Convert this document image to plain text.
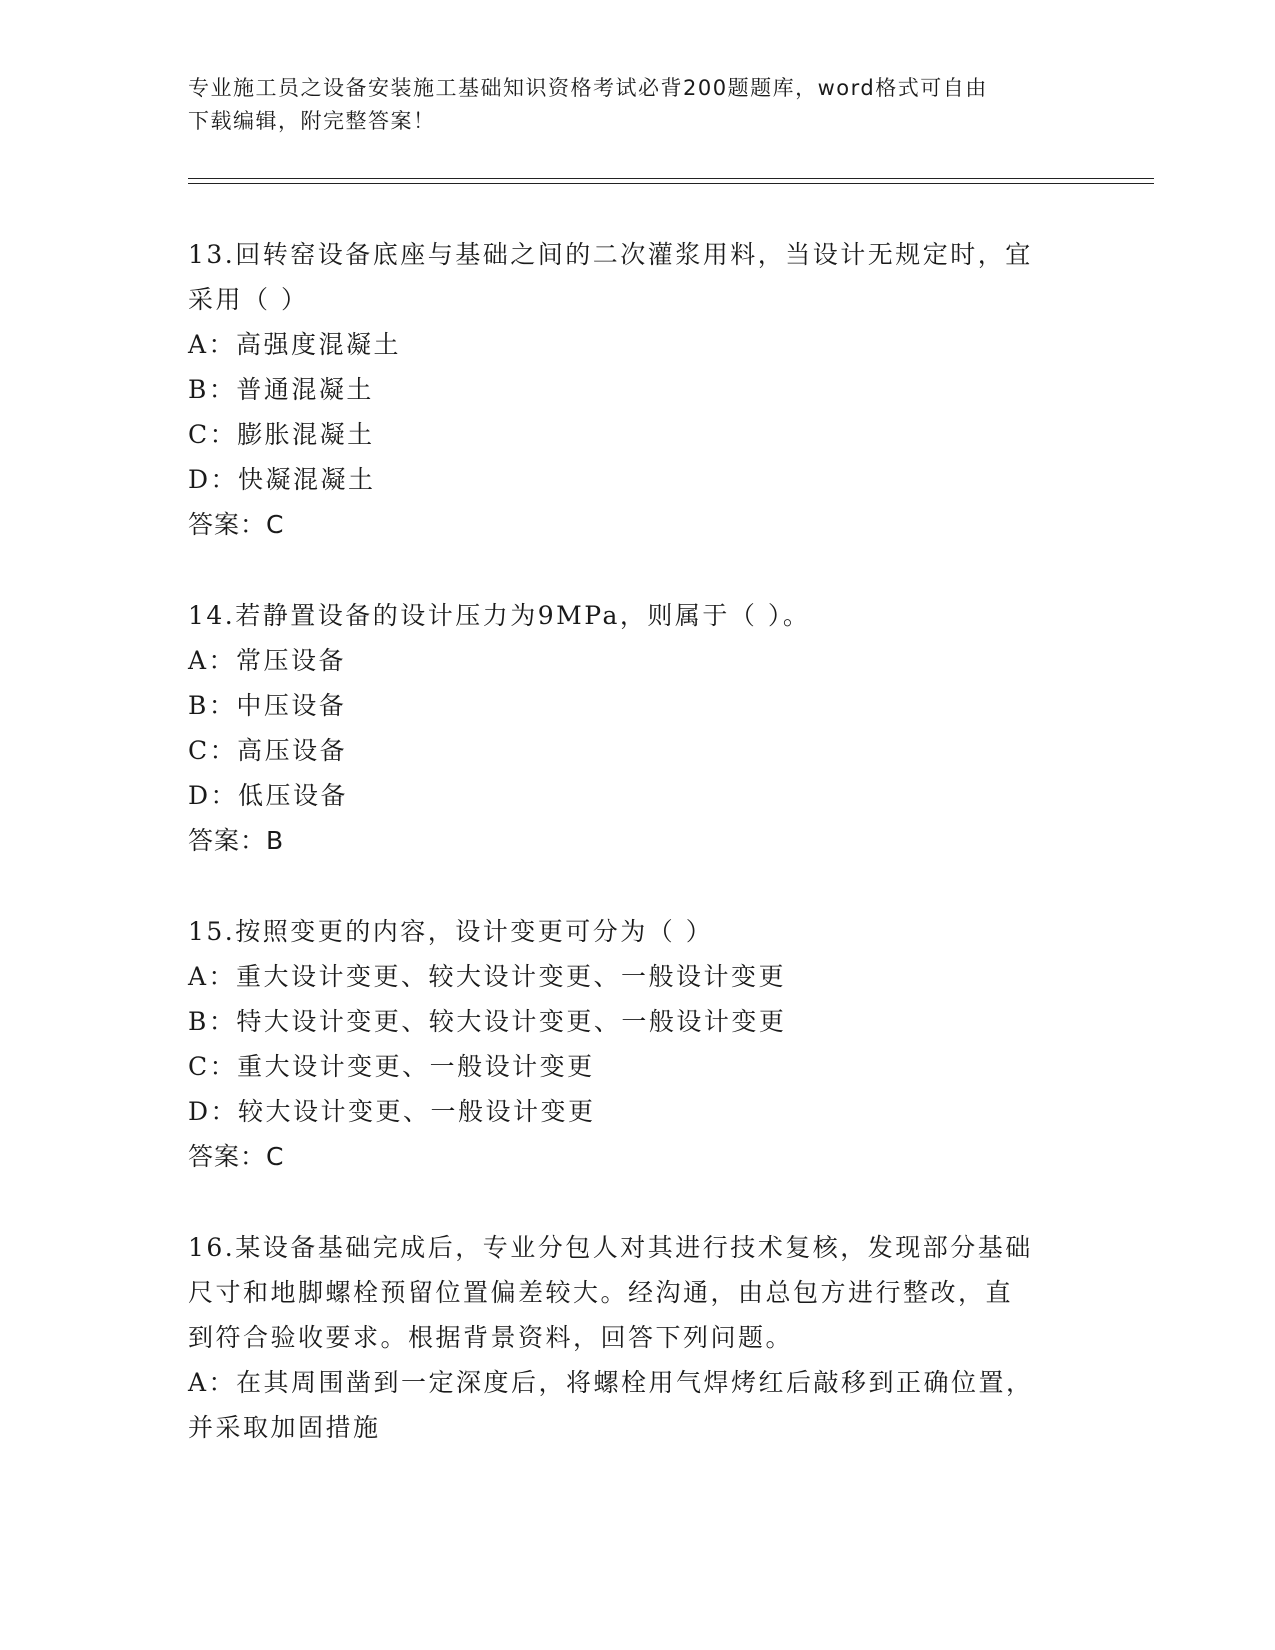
专业施工员之设备安装施工基础知识资格考试必背200题题库，word格式可自由
下载编辑，附完整答案！
13.回转窑设备底座与基础之间的二次灌浆用料，当设计无规定时，宜
采用（ ）
A：高强度混凝土
B：普通混凝土
C：膨胀混凝土
D：快凝混凝土
答案：C
14.若静置设备的设计压力为9MPa，则属于（ ）。
A：常压设备
B：中压设备
C：高压设备
D：低压设备
答案：B
15.按照变更的内容，设计变更可分为（ ）
A：重大设计变更、较大设计变更、一般设计变更
B：特大设计变更、较大设计变更、一般设计变更
C：重大设计变更、一般设计变更
D：较大设计变更、一般设计变更
答案：C
16.某设备基础完成后，专业分包人对其进行技术复核，发现部分基础
尺寸和地脚螺栓预留位置偏差较大。经沟通，由总包方进行整改，直
到符合验收要求。根据背景资料，回答下列问题。
A：在其周围凿到一定深度后，将螺栓用气焊烤红后敲移到正确位置，
并采取加固措施
